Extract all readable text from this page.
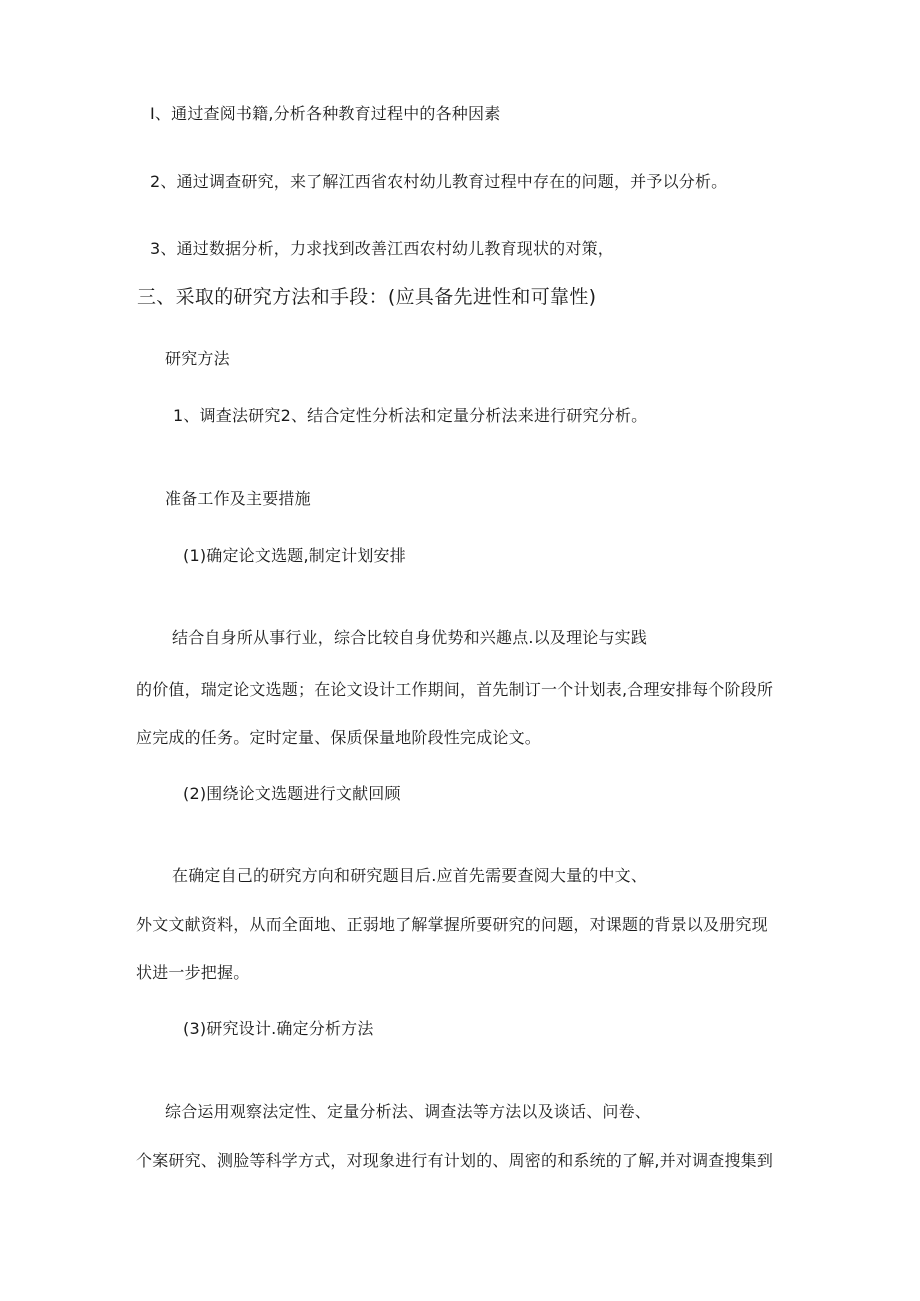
I、通过查阅书籍,分析各种教育过程中的各种因素
2、通过调查研究，来了解江西省农村幼儿教育过程中存在的问题，并予以分析。
3、通过数据分析，力求找到改善江西农村幼儿教育现状的对策，
三、采取的研究方法和手段：(应具备先进性和可靠性)
研究方法
1、调查法研究2、结合定性分析法和定量分析法来进行研究分析。
准备工作及主要措施
(1)确定论文选题,制定计划安排
结合自身所从事行业，综合比较自身优势和兴趣点.以及理论与实践
的价值，瑞定论文选题；在论文设计工作期间，首先制订一个计划表,合理安排每个阶段所
应完成的任务。定时定量、保质保量地阶段性完成论文。
(2)围绕论文选题进行文献回顾
在确定自己的研究方向和研究题目后.应首先需要查阅大量的中文、
外文文献资料，从而全面地、正弱地了解掌握所要研究的问题，对课题的背景以及册究现
状进一步把握。
(3)研究设计.确定分析方法
综合运用观察法定性、定量分析法、调查法等方法以及谈话、问卷、
个案研究、测脸等科学方式，对现象进行有计划的、周密的和系统的了解,并对调查搜集到
